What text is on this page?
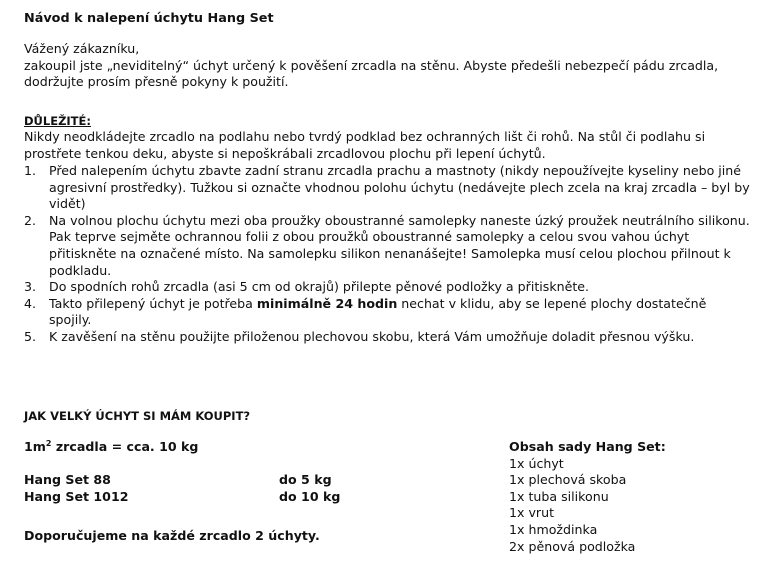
Návod k nalepení úchytu Hang Set

Vážený zákazníku,

zakoupil jste „neviditelný“ úchyt určený k pověšení zrcadla na stěnu. Abyste předešli nebezpečí pádu zrcadla, dodržujte prosím přesně pokyny k použití.

DŮLEŽITÉ:

Nikdy neodkládejte zrcadlo na podlahu nebo tvrdý podklad bez ochranných lišt či rohů. Na stůl či podlahu si prostřete tenkou deku, abyste si nepoškrábali zrcadlovou plochu při lepení úchytů.

1.	Před nalepením úchytu zbavte zadní stranu zrcadla prachu a mastnoty (nikdy nepoužívejte kyseliny nebo jiné agresivní prostředky). Tužkou si označte vhodnou polohu úchytu (nedávejte plech zcela na kraj zrcadla – byl by vidět)
2.	Na volnou plochu úchytu mezi oba proužky oboustranné samolepky naneste úzký proužek neutrálního silikonu. Pak teprve sejměte ochrannou folii z obou proužků oboustranné samolepky a celou svou vahou úchyt přitiskněte na označené místo. Na samolepku silikon nenanášejte! Samolepka musí celou plochou přilnout k podkladu.
3.	Do spodních rohů zrcadla (asi 5 cm od okrajů) přilepte pěnové podložky a přitiskněte.
4.	Takto přilepený úchyt je potřeba minimálně 24 hodin nechat v klidu, aby se lepené plochy dostatečně spojily.
5.	K zavěšení na stěnu použijte přiloženou plechovou skobu, která Vám umožňuje doladit přesnou výšku.
JAK VELKÝ ÚCHYT SI MÁM KOUPIT?
$1m^2$ zrcadla = cca. 10 kg
Hang Set 88	do 5 kg
Hang Set 1012	do 10 kg
Doporučujeme na každé zrcadlo 2 úchyty.
Obsah sady Hang Set:
1x úchyt
1x plechová skoba
1x tuba silikonu
1x vrut
1x hmoždinka
2x pěnová podložka
